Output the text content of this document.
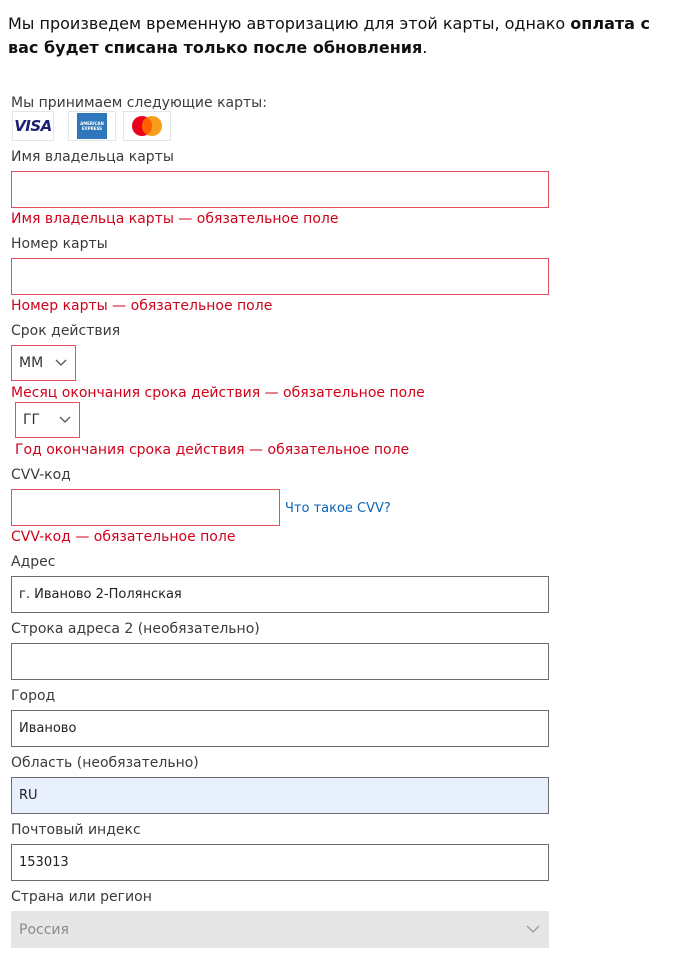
Мы произведем временную авторизацию для этой карты, однако оплата с вас будет списана только после обновления.
Мы принимаем следующие карты:
VISA	AMERICAN EXPRESS
Имя владельца карты
Имя владельца карты — обязательное поле
Номер карты
Номер карты — обязательное поле
Срок действия
ММ
Месяц окончания срока действия — обязательное поле
ГГ
Год окончания срока действия — обязательное поле
CVV-код
Что такое CVV?
CVV-код — обязательное поле
Адрес
г. Иваново 2-Полянская
Строка адреса 2 (необязательно)
Город
Иваново
Область (необязательно)
RU
Почтовый индекс
153013
Страна или регион
Россия
